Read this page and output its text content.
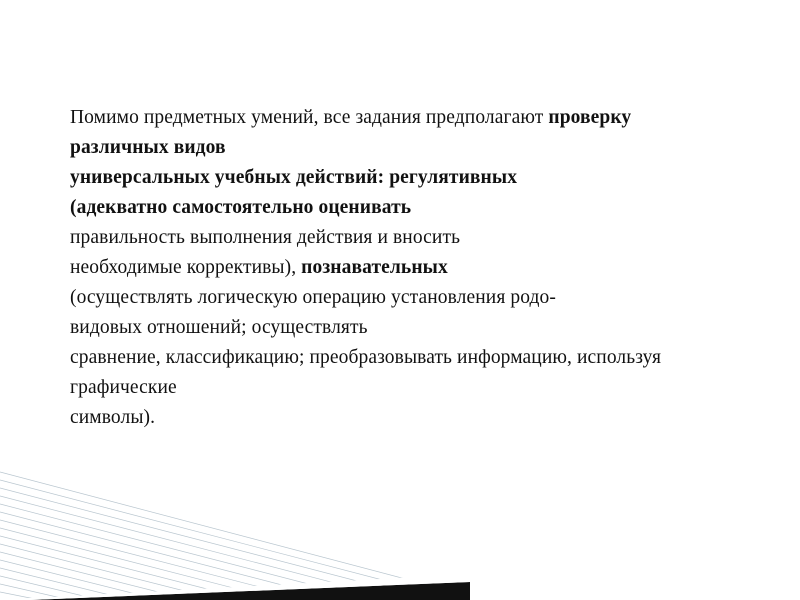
Помимо предметных умений, все задания предполагают проверку различных видов

универсальных учебных действий: регулятивных

(адекватно самостоятельно оценивать

правильность выполнения действия и вносить

необходимые коррективы), познавательных

(осуществлять логическую операцию установления родо-

видовых отношений; осуществлять

сравнение, классификацию; преобразовывать информацию, используя графические

символы).
